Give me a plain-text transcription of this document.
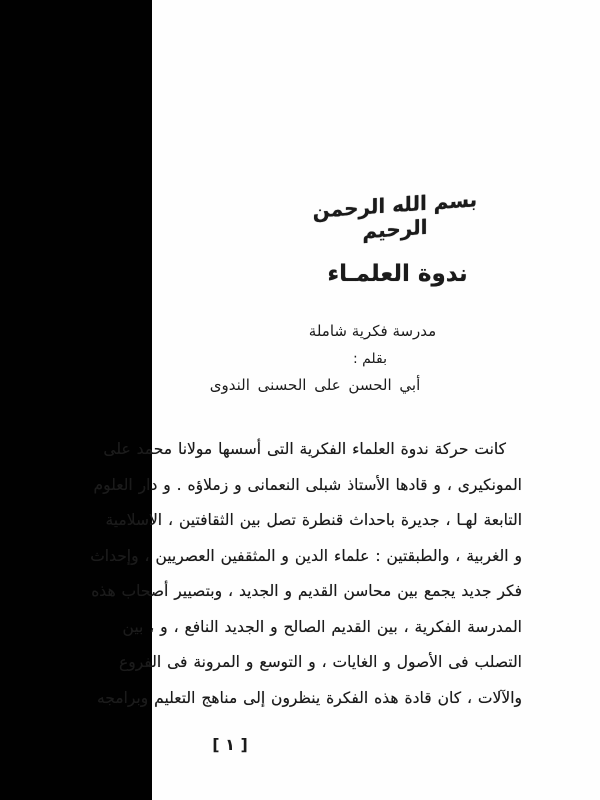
بسم الله الرحمن الرحيم
ندوة العلمـاء
مدرسة فكرية شاملة
بقلم :
أبي الحسن على الحسنى الندوى
كانت حركة ندوة العلماء الفكرية التى أسسها مولانا محمد على
المونكيرى ، و قادها الأستاذ شبلى النعمانى و زملاؤه . و دار العلوم
التابعة لهـا ، جديرة باحداث قنطرة تصل بين الثقافتين ، الاسلامية
و الغربية ، والطبقتين : علماء الدين و المثقفين العصريين ، وإحداث
فكر جديد يجمع بين محاسن القديم و الجديد ، وبتصيير أصحاب هذه
المدرسة الفكرية ، بين القديم الصالح و الجديد النافع ، و ، بين
التصلب فى الأصول و الغايات ، و التوسع و المرونة فى الفروع
والآلات ، كان قادة هذه الفكرة ينظرون إلى مناهج التعليم وبرامجه
[ ١ ]
